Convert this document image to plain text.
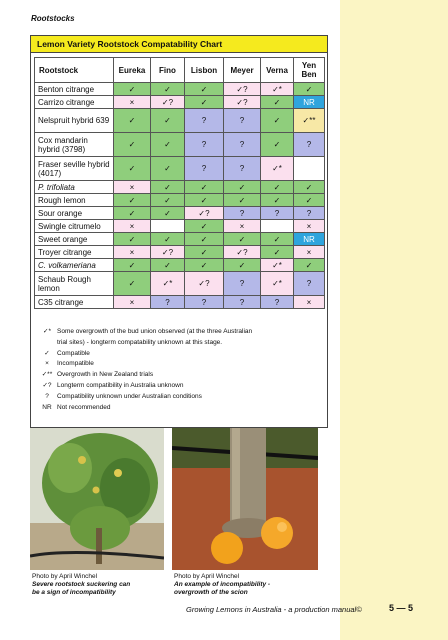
Rootstocks
Lemon Variety Rootstock Compatability Chart
Rootstock	Eureka	Fino	Lisbon	Meyer	Verna	Yen Ben
Benton citrange	✓	✓	✓	✓?	✓*	✓
Carrizo citrange	×	✓?	✓	✓?	✓	NR
Nelspruit hybrid 639	✓	✓	?	?	✓	✓**
Cox mandarin hybrid (3798)	✓	✓	?	?	✓	?
Fraser seville hybrid (4017)	✓	✓	?	?	✓*	
P. trifoliata	×	✓	✓	✓	✓	✓
Rough lemon	✓	✓	✓	✓	✓	✓
Sour orange	✓	✓	✓?	?	?	?
Swingle citrumelo	×		✓	×		×
Sweet orange	✓	✓	✓	✓	✓	NR
Troyer citrange	×	✓?	✓	✓?	✓	×
C. volkameriana	✓	✓	✓	✓	✓*	✓
Schaub Rough lemon	✓	✓*	✓?	?	✓*	?
C35 citrange	×	?	?	?	?	×
✓* Some overgrowth of the bud union observed (at the three Australian
trial sites) - longterm compatability unknown at this stage.
✓ Compatible
× Incompatible
✓** Overgrowth in New Zealand trials
✓? Longterm compatibility in Australia unknown
? Compatibility unknown under Australian conditions
NR Not recommended
Photo by April Winchel
Severe rootstock suckering can
be a sign of incompatibility
Photo by April Winchel
An example of incompatibility -
overgrowth of the scion
Growing Lemons in Australia - a production manual©	5 — 5
